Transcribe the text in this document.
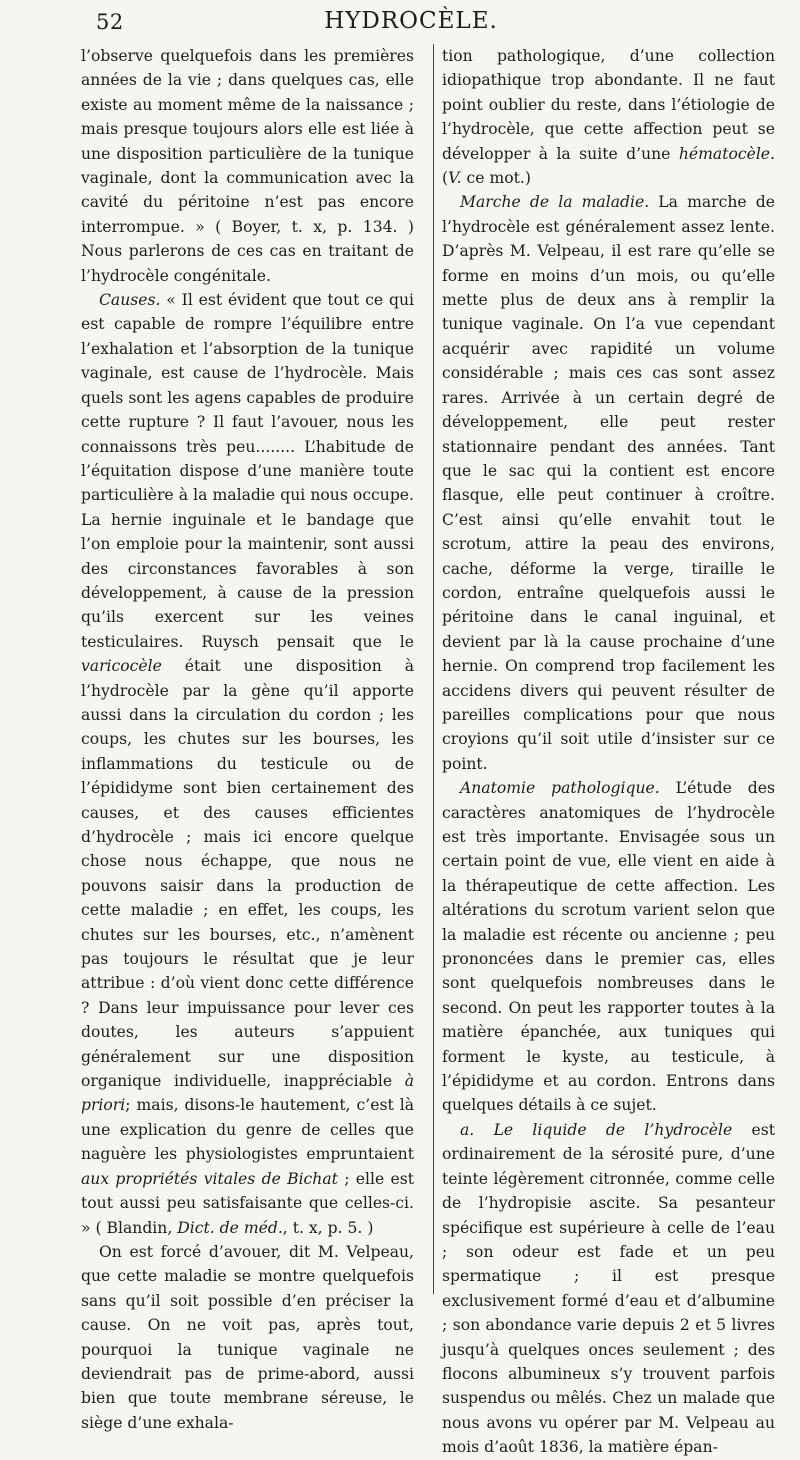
52	HYDROCÈLE.

l’observe quelquefois dans les premières années de la vie ; dans quelques cas, elle existe au moment même de la naissance ; mais presque toujours alors elle est liée à une disposition particulière de la tunique vaginale, dont la communication avec la cavité du péritoine n’est pas encore interrompue. » ( Boyer, t. x, p. 134. ) Nous parlerons de ces cas en traitant de l’hydrocèle congénitale.

Causes. « Il est évident que tout ce qui est capable de rompre l’équilibre entre l’exhalation et l’absorption de la tunique vaginale, est cause de l’hydrocèle. Mais quels sont les agens capables de produire cette rupture ? Il faut l’avouer, nous les connaissons très peu........ L’habitude de l’équitation dispose d’une manière toute particulière à la maladie qui nous occupe. La hernie inguinale et le bandage que l’on emploie pour la maintenir, sont aussi des circonstances favorables à son développement, à cause de la pression qu’ils exercent sur les veines testiculaires. Ruysch pensait que le varicocèle était une disposition à l’hydrocèle par la gène qu’il apporte aussi dans la circulation du cordon ; les coups, les chutes sur les bourses, les inflammations du testicule ou de l’épididyme sont bien certainement des causes, et des causes efficientes d’hydrocèle ; mais ici encore quelque chose nous échappe, que nous ne pouvons saisir dans la production de cette maladie ; en effet, les coups, les chutes sur les bourses, etc., n’amènent pas toujours le résultat que je leur attribue : d’où vient donc cette différence ? Dans leur impuissance pour lever ces doutes, les auteurs s’appuient généralement sur une disposition organique individuelle, inappréciable à priori; mais, disons-le hautement, c’est là une explication du genre de celles que naguère les physiologistes empruntaient aux propriétés vitales de Bichat ; elle est tout aussi peu satisfaisante que celles-ci. » ( Blandin, Dict. de méd., t. x, p. 5. )

On est forcé d’avouer, dit M. Velpeau, que cette maladie se montre quelquefois sans qu’il soit possible d’en préciser la cause. On ne voit pas, après tout, pourquoi la tunique vaginale ne deviendrait pas de prime-abord, aussi bien que toute membrane séreuse, le siège d’une exhala-

tion pathologique, d’une collection idiopathique trop abondante. Il ne faut point oublier du reste, dans l’étiologie de l’hydrocèle, que cette affection peut se développer à la suite d’une hématocèle. (V. ce mot.)

Marche de la maladie. La marche de l’hydrocèle est généralement assez lente. D’après M. Velpeau, il est rare qu’elle se forme en moins d’un mois, ou qu’elle mette plus de deux ans à remplir la tunique vaginale. On l’a vue cependant acquérir avec rapidité un volume considérable ; mais ces cas sont assez rares. Arrivée à un certain degré de développement, elle peut rester stationnaire pendant des années. Tant que le sac qui la contient est encore flasque, elle peut continuer à croître. C’est ainsi qu’elle envahit tout le scrotum, attire la peau des environs, cache, déforme la verge, tiraille le cordon, entraîne quelquefois aussi le péritoine dans le canal inguinal, et devient par là la cause prochaine d’une hernie. On comprend trop facilement les accidens divers qui peuvent résulter de pareilles complications pour que nous croyions qu’il soit utile d’insister sur ce point.

Anatomie pathologique. L’étude des caractères anatomiques de l’hydrocèle est très importante. Envisagée sous un certain point de vue, elle vient en aide à la thérapeutique de cette affection. Les altérations du scrotum varient selon que la maladie est récente ou ancienne ; peu prononcées dans le premier cas, elles sont quelquefois nombreuses dans le second. On peut les rapporter toutes à la matière épanchée, aux tuniques qui forment le kyste, au testicule, à l’épididyme et au cordon. Entrons dans quelques détails à ce sujet.

a. Le liquide de l’hydrocèle est ordinairement de la sérosité pure, d’une teinte légèrement citronnée, comme celle de l’hydropisie ascite. Sa pesanteur spécifique est supérieure à celle de l’eau ; son odeur est fade et un peu spermatique ; il est presque exclusivement formé d’eau et d’albumine ; son abondance varie depuis 2 et 5 livres jusqu’à quelques onces seulement ; des flocons albumineux s’y trouvent parfois suspendus ou mêlés. Chez un malade que nous avons vu opérer par M. Velpeau au mois d’août 1836, la matière épan-
